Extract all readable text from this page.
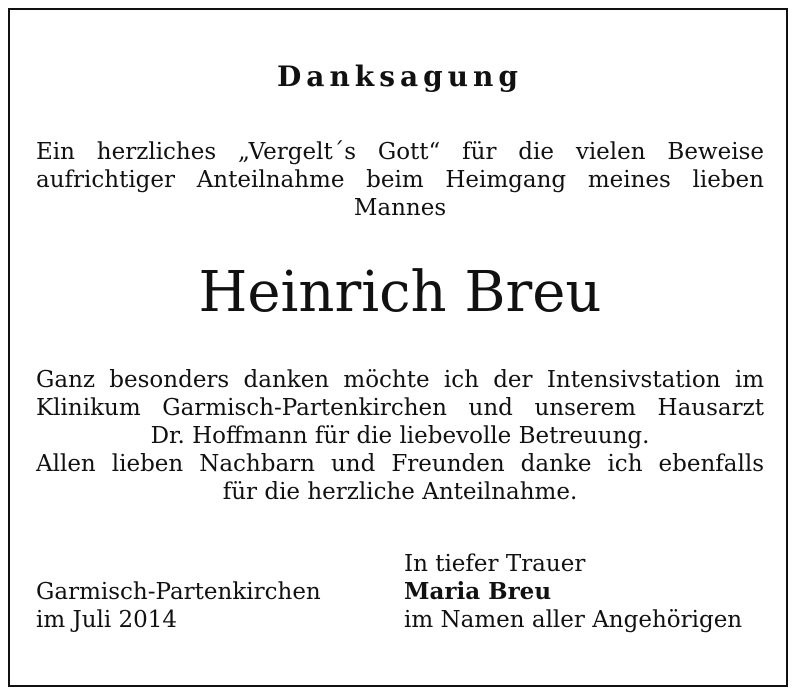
Danksagung
Ein herzliches „Vergelt´s Gott“ für die vielen Beweise
aufrichtiger Anteilnahme beim Heimgang meines lieben
Mannes
Heinrich Breu
Ganz besonders danken möchte ich der Intensivstation im
Klinikum Garmisch-Partenkirchen und unserem Hausarzt
Dr. Hoffmann für die liebevolle Betreuung.
Allen lieben Nachbarn und Freunden danke ich ebenfalls
für die herzliche Anteilnahme.
Garmisch-Partenkirchen
im Juli 2014
In tiefer Trauer
Maria Breu
im Namen aller Angehörigen
